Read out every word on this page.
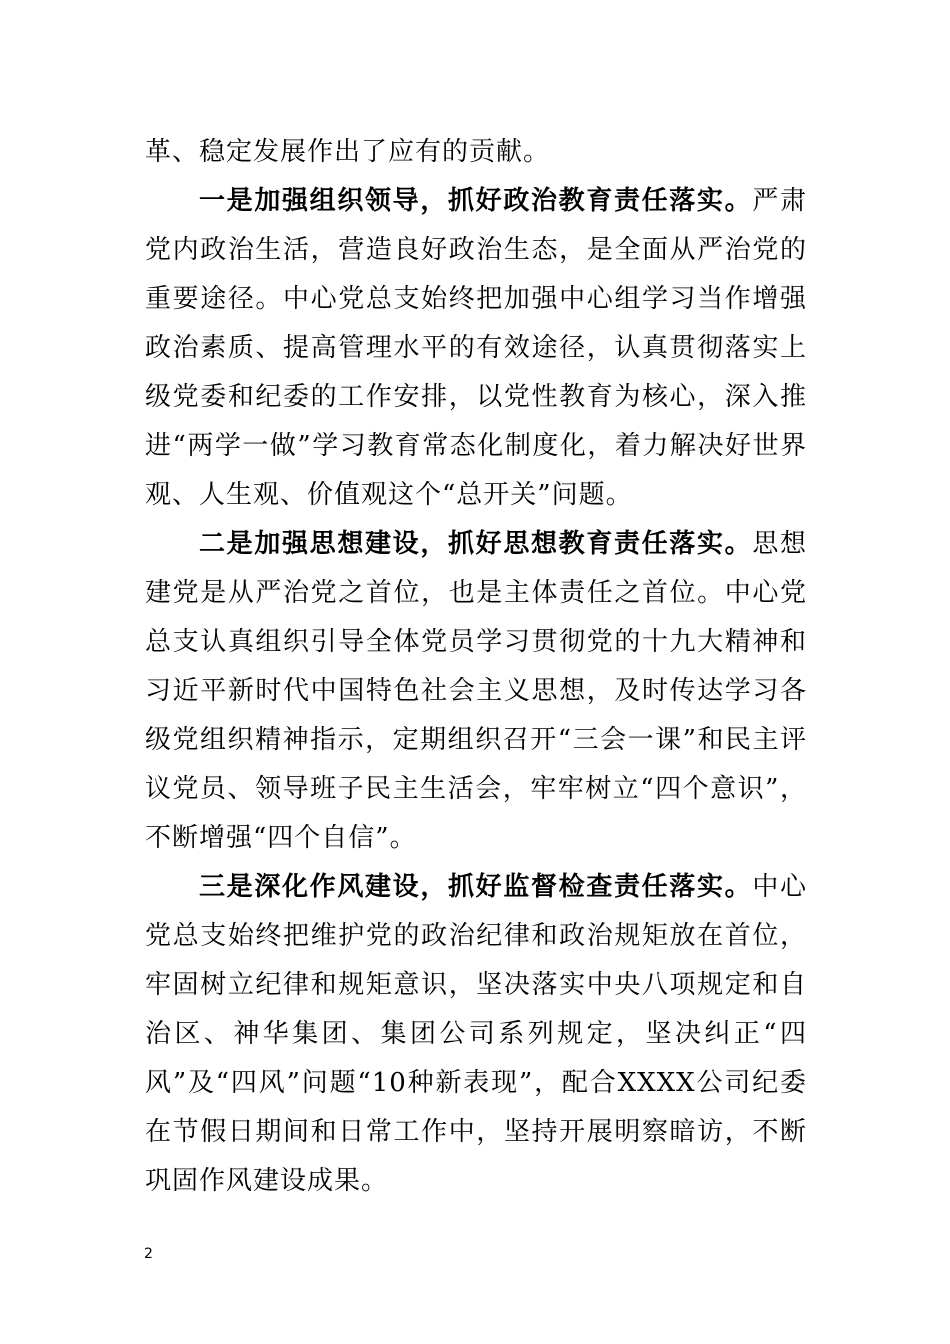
革、稳定发展作出了应有的贡献。

一是加强组织领导，抓好政治教育责任落实。严肃党内政治生活，营造良好政治生态，是全面从严治党的重要途径。中心党总支始终把加强中心组学习当作增强政治素质、提高管理水平的有效途径，认真贯彻落实上级党委和纪委的工作安排，以党性教育为核心，深入推进“两学一做”学习教育常态化制度化，着力解决好世界观、人生观、价值观这个“总开关”问题。

二是加强思想建设，抓好思想教育责任落实。思想建党是从严治党之首位，也是主体责任之首位。中心党总支认真组织引导全体党员学习贯彻党的十九大精神和习近平新时代中国特色社会主义思想，及时传达学习各级党组织精神指示，定期组织召开“三会一课”和民主评议党员、领导班子民主生活会，牢牢树立“四个意识”，不断增强“四个自信”。

三是深化作风建设，抓好监督检查责任落实。中心党总支始终把维护党的政治纪律和政治规矩放在首位，牢固树立纪律和规矩意识，坚决落实中央八项规定和自治区、神华集团、集团公司系列规定，坚决纠正“四风”及“四风”问题“10种新表现”，配合XXXX公司纪委在节假日期间和日常工作中，坚持开展明察暗访，不断巩固作风建设成果。

2
